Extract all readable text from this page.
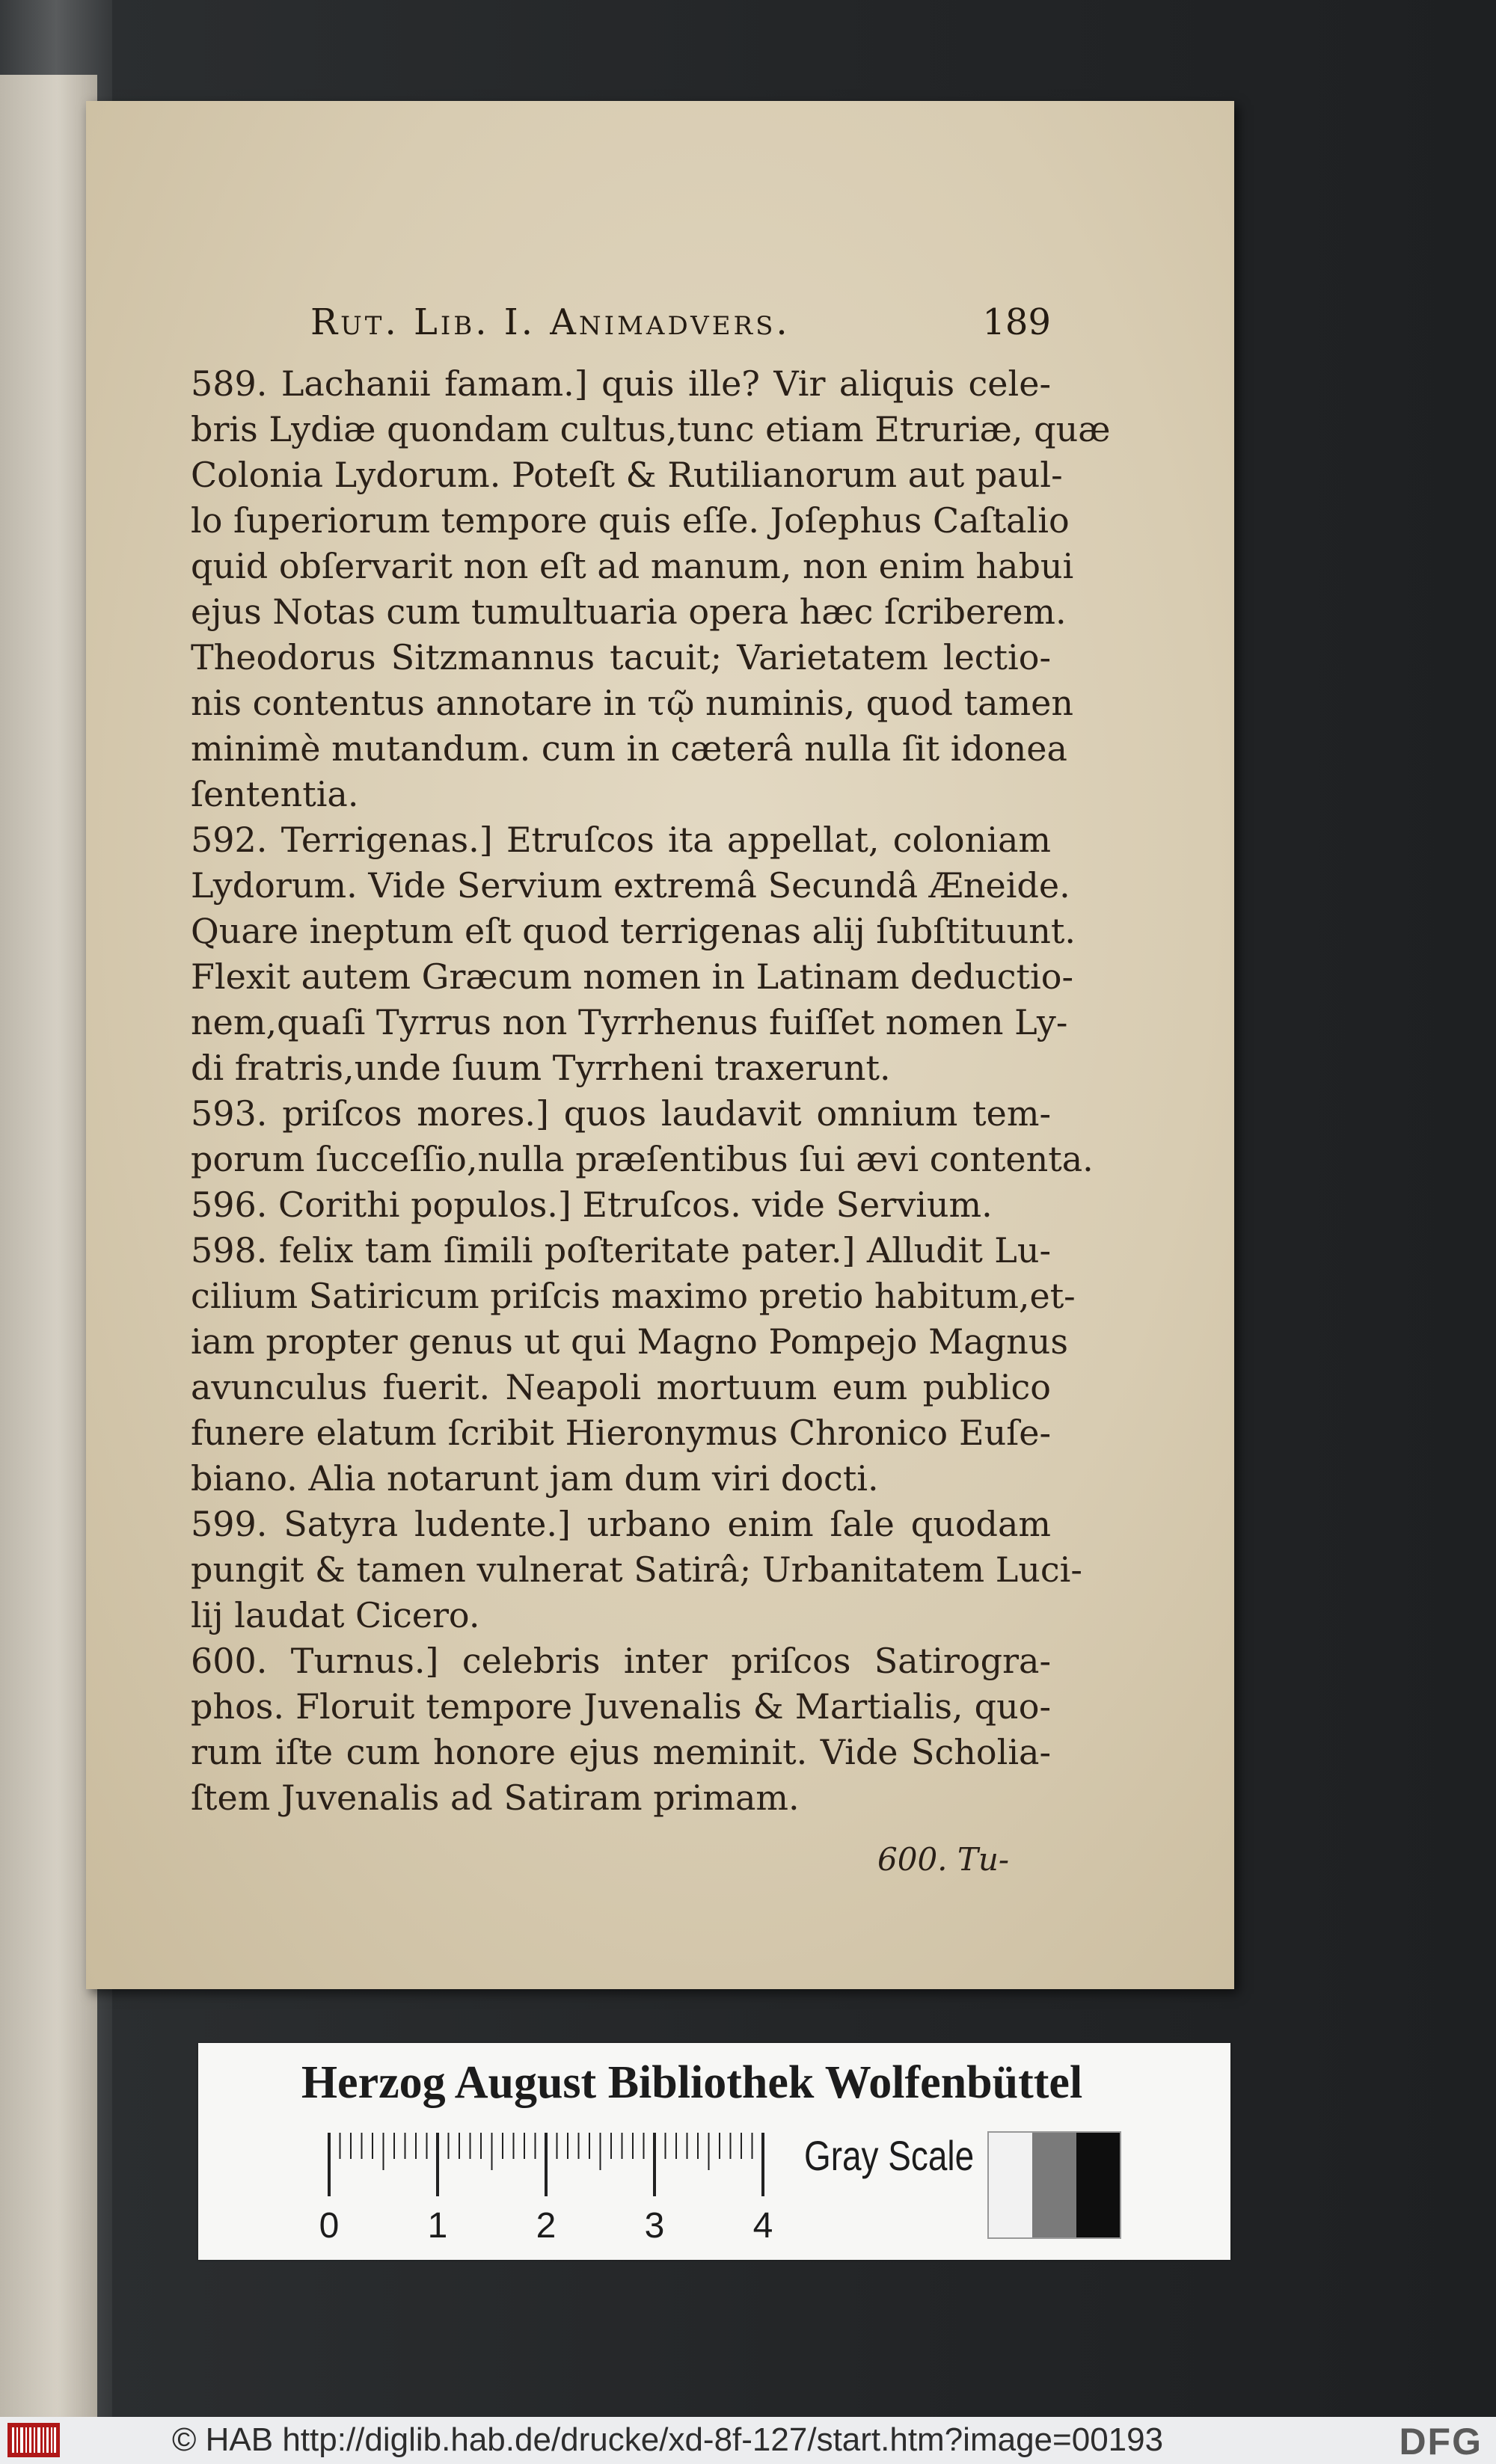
Rut. Lib. I. Animadvers.	189
589. Lachanii famam.] quis ille? Vir aliquis cele-
bris Lydiæ quondam cultus,tunc etiam Etruriæ, quæ
Colonia Lydorum. Poteſt & Rutilianorum aut paul-
lo ſuperiorum tempore quis eſſe. Joſephus Caſtalio
quid obſervarit non eſt ad manum, non enim habui
ejus Notas cum tumultuaria opera hæc ſcriberem.
Theodorus Sitzmannus tacuit; Varietatem lectio-
nis contentus annotare in τῷ numinis, quod tamen
minimè mutandum. cum in cæterâ nulla ſit idonea
ſententia.
592. Terrigenas.] Etruſcos ita appellat, coloniam
Lydorum. Vide Servium extremâ Secundâ Æneide.
Quare ineptum eſt quod terrigenas alij ſubſtituunt.
Flexit autem Græcum nomen in Latinam deductio-
nem,quaſi Tyrrus non Tyrrhenus fuiſſet nomen Ly-
di fratris,unde ſuum Tyrrheni traxerunt.
593. priſcos mores.] quos laudavit omnium tem-
porum ſucceſſio,nulla præſentibus ſui ævi contenta.
596. Corithi populos.] Etruſcos. vide Servium.
598. felix tam ſimili poſteritate pater.] Alludit Lu-
cilium Satiricum priſcis maximo pretio habitum,et-
iam propter genus ut qui Magno Pompejo Magnus
avunculus fuerit. Neapoli mortuum eum publico
funere elatum ſcribit Hieronymus Chronico Euſe-
biano. Alia notarunt jam dum viri docti.
599. Satyra ludente.] urbano enim ſale quodam
pungit & tamen vulnerat Satirâ; Urbanitatem Luci-
lij laudat Cicero.
600. Turnus.] celebris inter priſcos Satirogra-
phos. Floruit tempore Juvenalis & Martialis, quo-
rum iſte cum honore ejus meminit. Vide Scholia-
ſtem Juvenalis ad Satiram primam.
600. Tu-
Herzog August Bibliothek Wolfenbüttel
0 1 2 3 4
Gray Scale
© HAB http://diglib.hab.de/drucke/xd-8f-127/start.htm?image=00193	DFG
